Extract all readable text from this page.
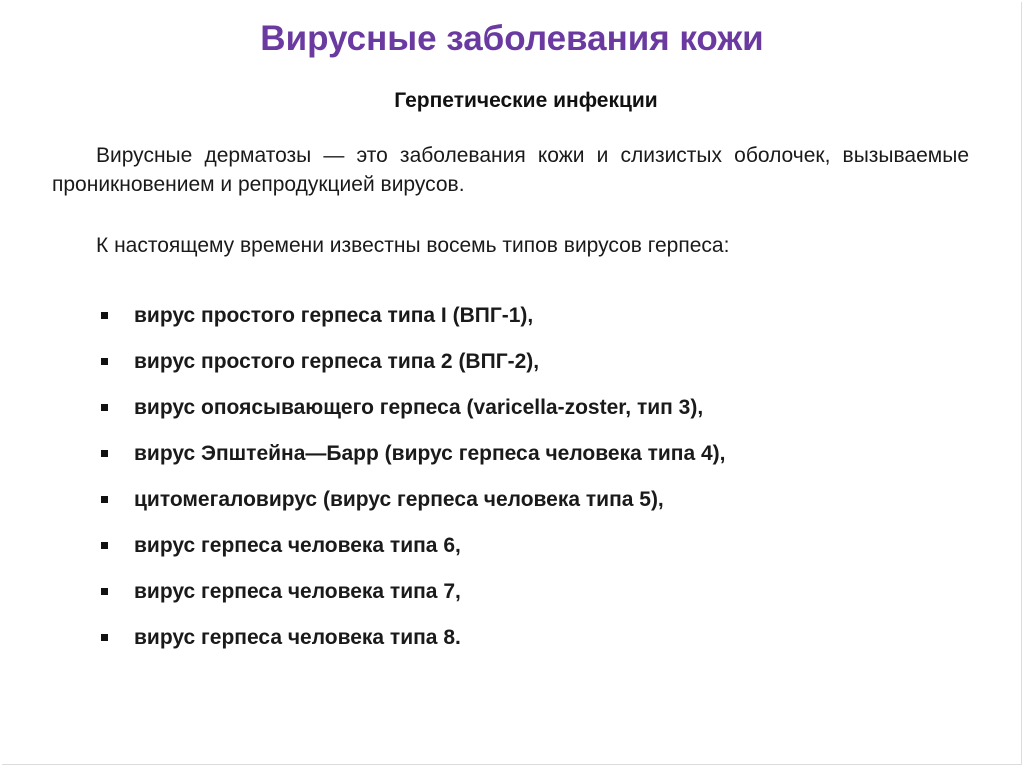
Вирусные заболевания кожи
Герпетические инфекции
Вирусные дерматозы — это заболевания кожи и слизистых оболочек, вызываемые проникновением и репродукцией вирусов.
К настоящему времени известны восемь типов вирусов герпеса:
вирус простого герпеса типа I (ВПГ-1),
вирус простого герпеса типа 2 (ВПГ-2),
вирус опоясывающего герпеса (varicella-zoster, тип 3),
вирус Эпштейна—Барр (вирус герпеса человека типа 4),
цитомегаловирус (вирус герпеса человека типа 5),
вирус герпеса человека типа 6,
вирус герпеса человека типа 7,
вирус герпеса человека типа 8.
